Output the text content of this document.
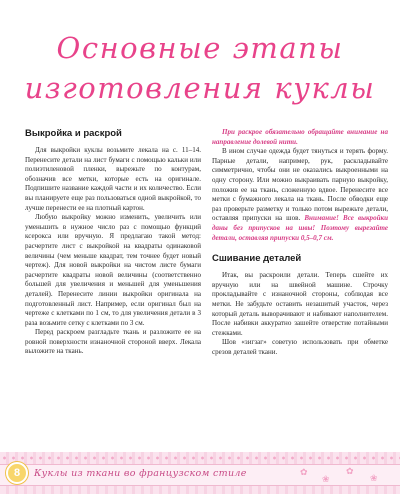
Основные этапы
изготовления куклы
Выкройка и раскрой

Для выкройки куклы возьмите лекала на с. 11–14. Перенесите детали на лист бумаги с помощью кальки или полиэтиленовой пленки, вырежьте по контурам, обозначив все метки, которые есть на оригинале. Подпишите название каждой части и их количество. Если вы планируете еще раз пользоваться одной выкройкой, то лучше перенести ее на плотный картон.

Любую выкройку можно изменить, увеличить или уменьшить в нужное число раз с помощью функций ксерокса или вручную. Я предлагаю такой метод: расчертите лист с выкройкой на квадраты одинаковой величины (чем меньше квадрат, тем точнее будет новый чертеж). Для новой выкройки на чистом листе бумаги расчертите квадраты новой величины (соответственно большей для увеличения и меньшей для уменьшения деталей). Перенесите линии выкройки оригинала на подготовленный лист. Например, если оригинал был на чертеже с клетками по 1 см, то для увеличения детали в 3 раза возьмите сетку с клетками по 3 см.

Перед раскроем разгладьте ткань и разложите ее на ровной поверхности изнаночной стороной вверх. Лекала выложите на ткань.

При раскрое обязательно обращайте внимание на направление долевой нити.

В ином случае одежда будет тянуться и терять форму. Парные детали, например, рук, раскладывайте симметрично, чтобы они не оказались выкроенными на одну сторону. Или можно выкраивать парную выкройку, положив ее на ткань, сложенную вдвое. Перенесите все метки с бумажного лекала на ткань. После обводки еще раз проверьте разметку и только потом вырежьте детали, оставляя припуски на шов. Внимание! Все выкройки даны без припусков на швы! Поэтому вырезайте детали, оставляя припуски 0,5–0,7 см.

Сшивание деталей

Итак, вы раскроили детали. Теперь сшейте их вручную или на швейной машине. Строчку прокладывайте с изнаночной стороны, соблюдая все метки. Не забудьте оставить незашитый участок, через который деталь выворачивают и набивают наполнителем. После набивки аккуратно зашейте отверстие потайными стежками.

Шов «зигзаг» советую использовать при обметке срезов деталей ткани.

✿
❀
✿
❀
8	Куклы из ткани во французском стиле
